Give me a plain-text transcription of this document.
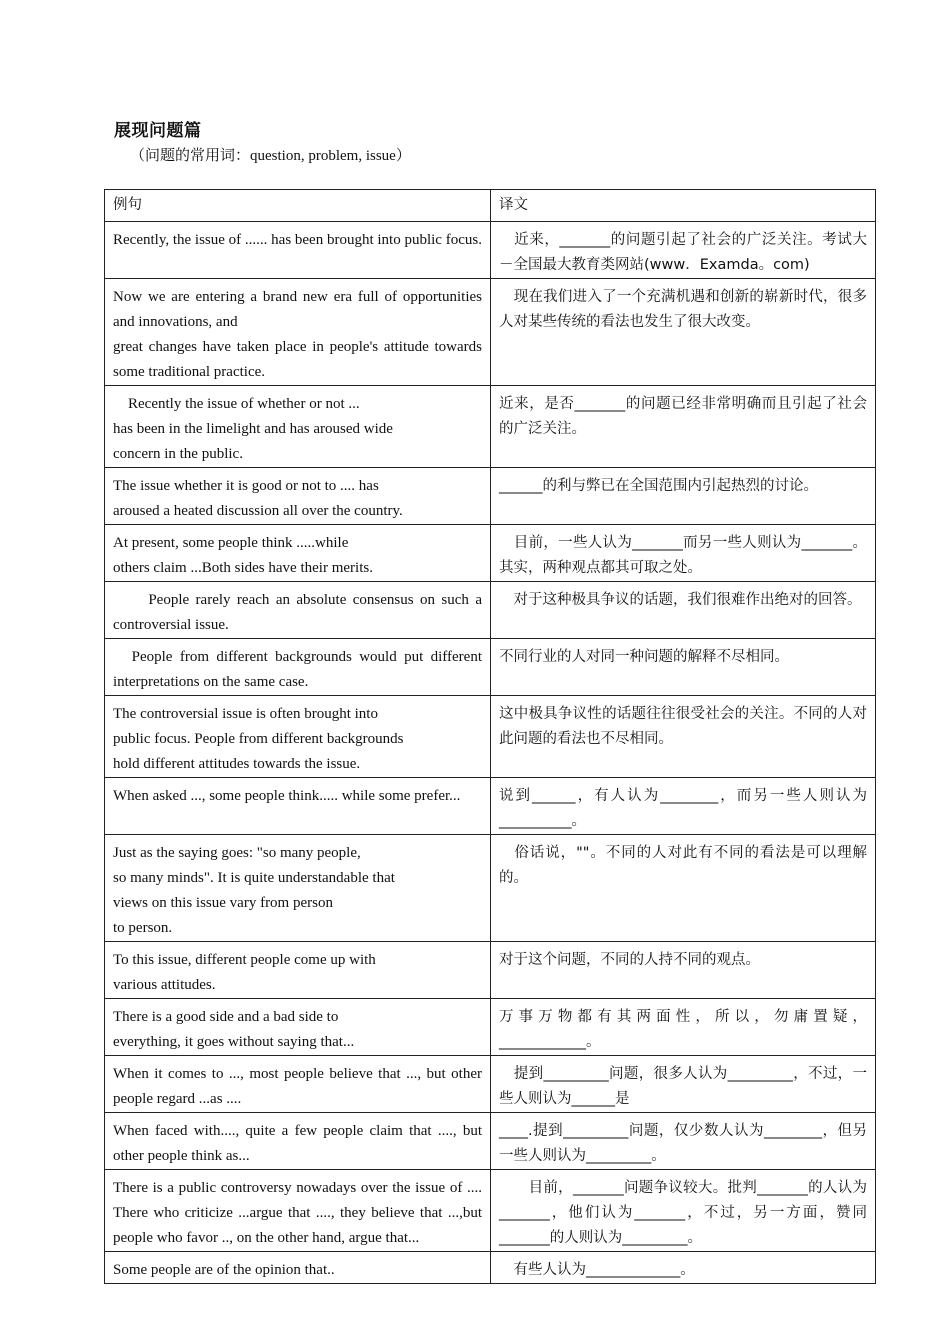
展现问题篇
（问题的常用词：question, problem, issue）
例句	译文
Recently, the issue of ...... has been brought into public focus.	　近来，_______的问题引起了社会的广泛关注。考试大－全国最大教育类网站(www．Examda。com)
Now we are entering a brand new era full of opportunities and innovations, and
great changes have taken place in people's attitude towards some traditional practice.	　现在我们进入了一个充满机遇和创新的崭新时代，很多人对某些传统的看法也发生了很大改变。
　Recently the issue of whether or not ...
has been in the limelight and has aroused wide
concern in the public.	近来，是否_______的问题已经非常明确而且引起了社会的广泛关注。
The issue whether it is good or not to .... has
aroused a heated discussion all over the country.	______的利与弊已在全国范围内引起热烈的讨论。
At present, some people think .....while
others claim ...Both sides have their merits.	　目前，一些人认为_______而另一些人则认为_______。其实，两种观点都其可取之处。
　　People rarely reach an absolute consensus on such a controversial issue.	　对于这种极具争议的话题，我们很难作出绝对的回答。
　People from different backgrounds would put different interpretations on the same case.	不同行业的人对同一种问题的解释不尽相同。
The controversial issue is often brought into
public focus. People from different backgrounds
hold different attitudes towards the issue.	这中极具争议性的话题往往很受社会的关注。不同的人对此问题的看法也不尽相同。
When asked ..., some people think..... while some prefer...	说到______，有人认为________，而另一些人则认为__________。
Just as the saying goes: "so many people,
so many minds". It is quite understandable that
views on this issue vary from person
to person.	　俗话说，""。不同的人对此有不同的看法是可以理解的。
To this issue, different people come up with
various attitudes.	对于这个问题，不同的人持不同的观点。
There is a good side and a bad side to
everything, it goes without saying that...	万事万物都有其两面性，所以，勿庸置疑，____________。
When it comes to ..., most people believe that ..., but other people regard ...as ....	　提到_________问题，很多人认为_________，不过，一些人则认为______是
When faced with...., quite a few people claim that ...., but other people think as...	____.提到_________问题，仅少数人认为________，但另一些人则认为_________。
There is a public controversy nowadays over the issue of .... There who criticize ...argue that ...., they believe that ...,but people who favor .., on the other hand, argue that...	　　目前，_______问题争议较大。批判_______的人认为_______，他们认为_______，不过，另一方面，赞同_______的人则认为_________。
Some people are of the opinion that..	　有些人认为_____________。
